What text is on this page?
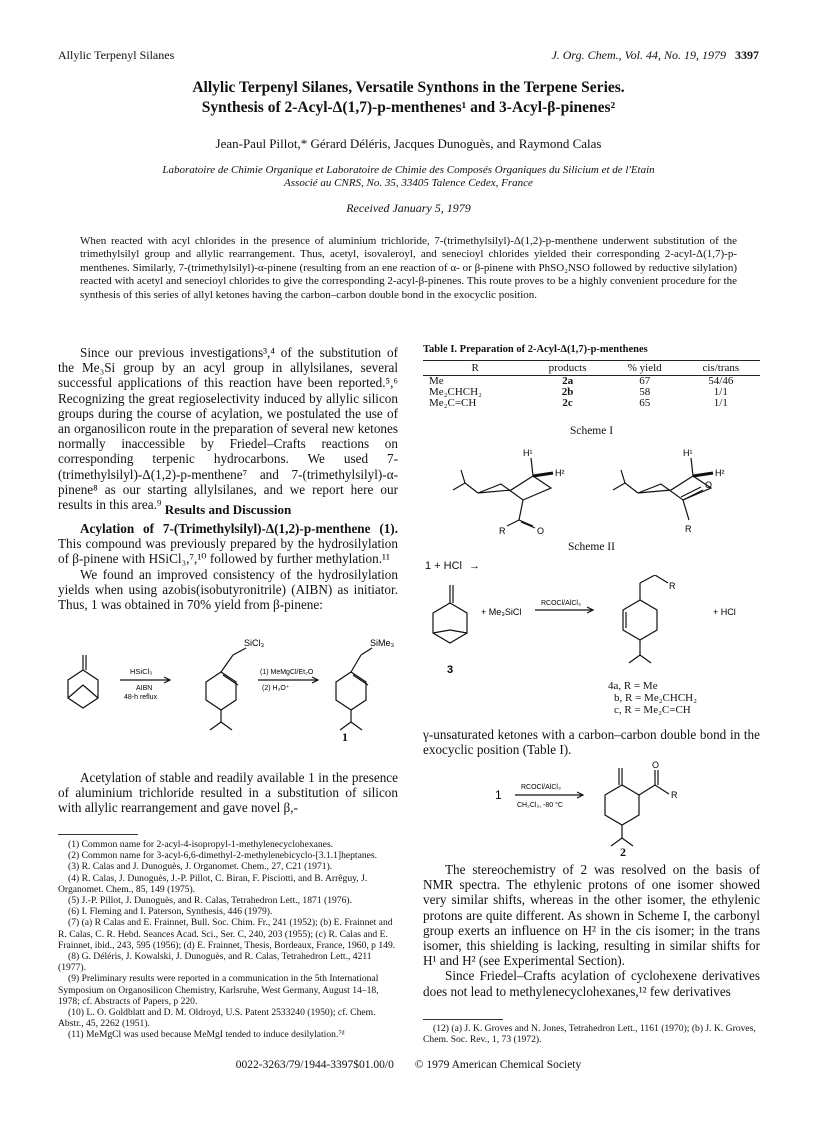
Allylic Terpenyl Silanes	J. Org. Chem., Vol. 44, No. 19, 1979 3397
Allylic Terpenyl Silanes, Versatile Synthons in the Terpene Series.
Synthesis of 2-Acyl-Δ(1,7)-p-menthenes¹ and 3-Acyl-β-pinenes²
Jean-Paul Pillot,* Gérard Déléris, Jacques Dunoguès, and Raymond Calas
Laboratoire de Chimie Organique et Laboratoire de Chimie des Composés Organiques du Silicium et de l'Etain
Associé au CNRS, No. 35, 33405 Talence Cedex, France
Received January 5, 1979
When reacted with acyl chlorides in the presence of aluminium trichloride, 7-(trimethylsilyl)-Δ(1,2)-p-menthene underwent substitution of the trimethylsilyl group and allylic rearrangement. Thus, acetyl, isovaleroyl, and senecioyl chlorides yielded their corresponding 2-acyl-Δ(1,7)-p-menthenes. Similarly, 7-(trimethylsilyl)-α-pinene (resulting from an ene reaction of α- or β-pinene with PhSO₂NSO followed by reductive silylation) reacted with acetyl and senecioyl chlorides to give the corresponding 2-acyl-β-pinenes. This route proves to be a highly convenient procedure for the synthesis of this series of allyl ketones having the carbon–carbon double bond in the exocyclic position.

Since our previous investigations³,⁴ of the substitution of the Me₃Si group by an acyl group in allylsilanes, several successful applications of this reaction have been reported.⁵,⁶ Recognizing the great regioselectivity induced by allylic silicon groups during the course of acylation, we postulated the use of an organosilicon route in the preparation of several new ketones normally inaccessible by Friedel–Crafts reactions on corresponding terpenic hydrocarbons. We used 7-(trimethylsilyl)-Δ(1,2)-p-menthene⁷ and 7-(trimethylsilyl)-α-pinene⁸ as our starting allylsilanes, and we report here our results in this area.⁹ Results and Discussion

Acylation of 7-(Trimethylsilyl)-Δ(1,2)-p-menthene (1). This compound was previously prepared by the hydrosilylation of β-pinene with HSiCl₃,⁷,¹⁰ followed by further methylation.¹¹

We found an improved consistency of the hydrosilylation yields when using azobis(isobutyronitrile) (AIBN) as initiator. Thus, 1 was obtained in 70% yield from β-pinene:

SiCl₃	SiMe₃
HSiCl₃
AIBN
48-h reflux
(1) MeMgCl/Et₂O
(2) H₃O⁺
1

Acetylation of stable and readily available 1 in the presence of aluminium trichloride resulted in a substitution of silicon with allylic rearrangement and gave novel β,-

(1) Common name for 2-acyl-4-isopropyl-1-methylenecyclohexanes.

(2) Common name for 3-acyl-6,6-dimethyl-2-methylenebicyclo-[3.1.1]heptanes.

(3) R. Calas and J. Dunoguès, J. Organomet. Chem., 27, C21 (1971).

(4) R. Calas, J. Dunoguès, J.-P. Pillot, C. Biran, F. Pisciotti, and B. Arrêguy, J. Organomet. Chem., 85, 149 (1975).

(5) J.-P. Pillot, J. Dunoguès, and R. Calas, Tetrahedron Lett., 1871 (1976).

(6) I. Fleming and I. Paterson, Synthesis, 446 (1979).

(7) (a) R Calas and E. Frainnet, Bull. Soc. Chim. Fr., 241 (1952); (b) E. Frainnet and R. Calas, C. R. Hebd. Seances Acad. Sci., Ser. C, 240, 203 (1955); (c) R. Calas and E. Frainnet, ibid., 243, 595 (1956); (d) E. Frainnet, Thesis, Bordeaux, France, 1960, p 149.

(8) G. Déléris, J. Kowalski, J. Dunoguès, and R. Calas, Tetrahedron Lett., 4211 (1977).

(9) Preliminary results were reported in a communication in the 5th International Symposium on Organosilicon Chemistry, Karlsruhe, West Germany, August 14–18, 1978; cf. Abstracts of Papers, p 220.

(10) L. O. Goldblatt and D. M. Oldroyd, U.S. Patent 2533240 (1950); cf. Chem. Abstr., 45, 2262 (1951).

(11) MeMgCl was used because MeMgI tended to induce desilylation.⁷ᵈ

Table I. Preparation of 2-Acyl-Δ(1,7)-p-menthenes
R	products	% yield	cis/trans
Me	2a	67	54/46
Me₂CHCH₂	2b	58	1/1
Me₂C=CH	2c	65	1/1
Scheme I
H¹
H²
R	O
H¹
H²
R
O
Scheme II
1 + HCl →
+ Me₃SiCl
RCOCl/AlCl₃
+ HCl
R
3
4a, R = Me
b, R = Me₂CHCH₂
c, R = Me₂C=CH

γ-unsaturated ketones with a carbon–carbon double bond in the exocyclic position (Table I).

1
RCOCl/AlCl₃
CH₂Cl₂, -80 °C
O
R
2

The stereochemistry of 2 was resolved on the basis of NMR spectra. The ethylenic protons of one isomer showed very similar shifts, whereas in the other isomer, the ethylenic protons are quite different. As shown in Scheme I, the carbonyl group exerts an influence on H² in the cis isomer; in the trans isomer, this shielding is lacking, resulting in similar shifts for H¹ and H² (see Experimental Section).

Since Friedel–Crafts acylation of cyclohexene derivatives does not lead to methylenecyclohexanes,¹² few derivatives

(12) (a) J. K. Groves and N. Jones, Tetrahedron Lett., 1161 (1970); (b) J. K. Groves, Chem. Soc. Rev., 1, 73 (1972).

0022-3263/79/1944-3397$01.00/0 © 1979 American Chemical Society
